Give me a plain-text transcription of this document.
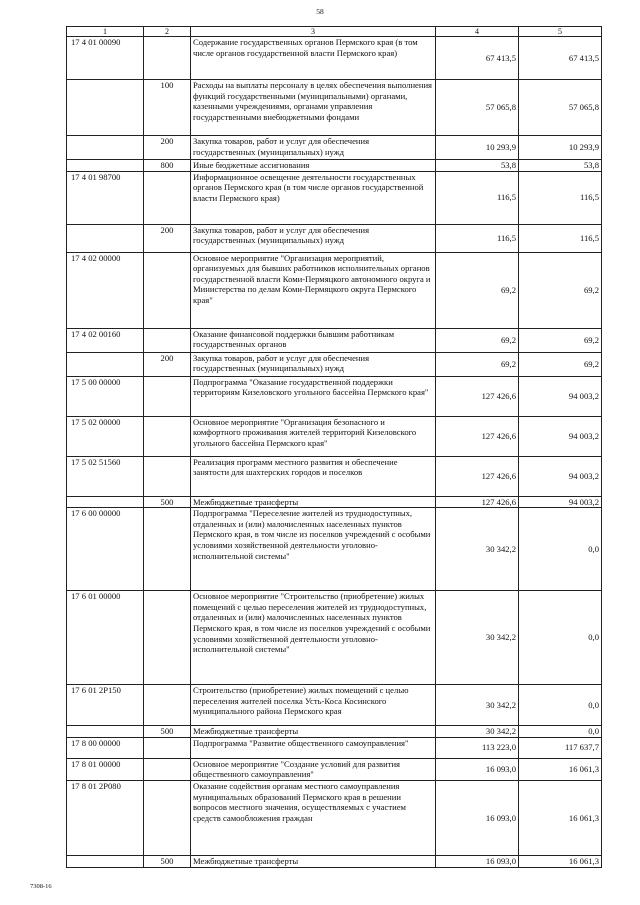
58
1	2	3	4	5
17 4 01 00090		Содержание государственных органов Пермского края (в том числе органов государственной власти Пермского края)	67 413,5	67 413,5
	100	Расходы на выплаты персоналу в целях обеспечения выполнения функций государственными (муниципальными) органами, казенными учреждениями, органами управления государственными внебюджетными фондами	57 065,8	57 065,8
	200	Закупка товаров, работ и услуг для обеспечения государственных (муниципальных) нужд	10 293,9	10 293,9
	800	Иные бюджетные ассигнования	53,8	53,8
17 4 01 98700		Информационное освещение деятельности государственных органов Пермского края (в том числе органов государственной власти Пермского края)	116,5	116,5
	200	Закупка товаров, работ и услуг для обеспечения государственных (муниципальных) нужд	116,5	116,5
17 4 02 00000		Основное мероприятие "Организация мероприятий, организуемых для бывших работников исполнительных органов государственной власти Коми-Пермяцкого автономного округа и Министерства по делам Коми-Пермяцкого округа Пермского края"	69,2	69,2
17 4 02 00160		Оказание финансовой поддержки бывшим работникам государственных органов	69,2	69,2
	200	Закупка товаров, работ и услуг для обеспечения государственных (муниципальных) нужд	69,2	69,2
17 5 00 00000		Подпрограмма "Оказание государственной поддержки территориям Кизеловского угольного бассейна Пермского края"	127 426,6	94 003,2
17 5 02 00000		Основное мероприятие "Организация безопасного и комфортного проживания жителей территорий Кизеловского угольного бассейна Пермского края"	127 426,6	94 003,2
17 5 02 51560		Реализация программ местного развития и обеспечение занятости для шахтерских городов и поселков	127 426,6	94 003,2
	500	Межбюджетные трансферты	127 426,6	94 003,2
17 6 00 00000		Подпрограмма "Переселение жителей из труднодоступных, отдаленных и (или) малочисленных населенных пунктов Пермского края, в том числе из поселков учреждений с особыми условиями хозяйственной деятельности уголовно-исполнительной системы"	30 342,2	0,0
17 6 01 00000		Основное мероприятие "Строительство (приобретение) жилых помещений с целью переселения жителей из труднодоступных, отдаленных и (или) малочисленных населенных пунктов Пермского края, в том числе из поселков учреждений с особыми условиями хозяйственной деятельности уголовно-исполнительной системы"	30 342,2	0,0
17 6 01 2Р150		Строительство (приобретение) жилых помещений с целью переселения жителей поселка Усть-Коса Косинского муниципального района Пермского края	30 342,2	0,0
	500	Межбюджетные трансферты	30 342,2	0,0
17 8 00 00000		Подпрограмма "Развитие общественного самоуправления"	113 223,0	117 637,7
17 8 01 00000		Основное мероприятие "Создание условий для развития общественного самоуправления"	16 093,0	16 061,3
17 8 01 2Р080		Оказание содействия органам местного самоуправления муниципальных образований Пермского края в решении вопросов местного значения, осуществляемых с участием средств самообложения граждан	16 093,0	16 061,3
	500	Межбюджетные трансферты	16 093,0	16 061,3
7308-16
